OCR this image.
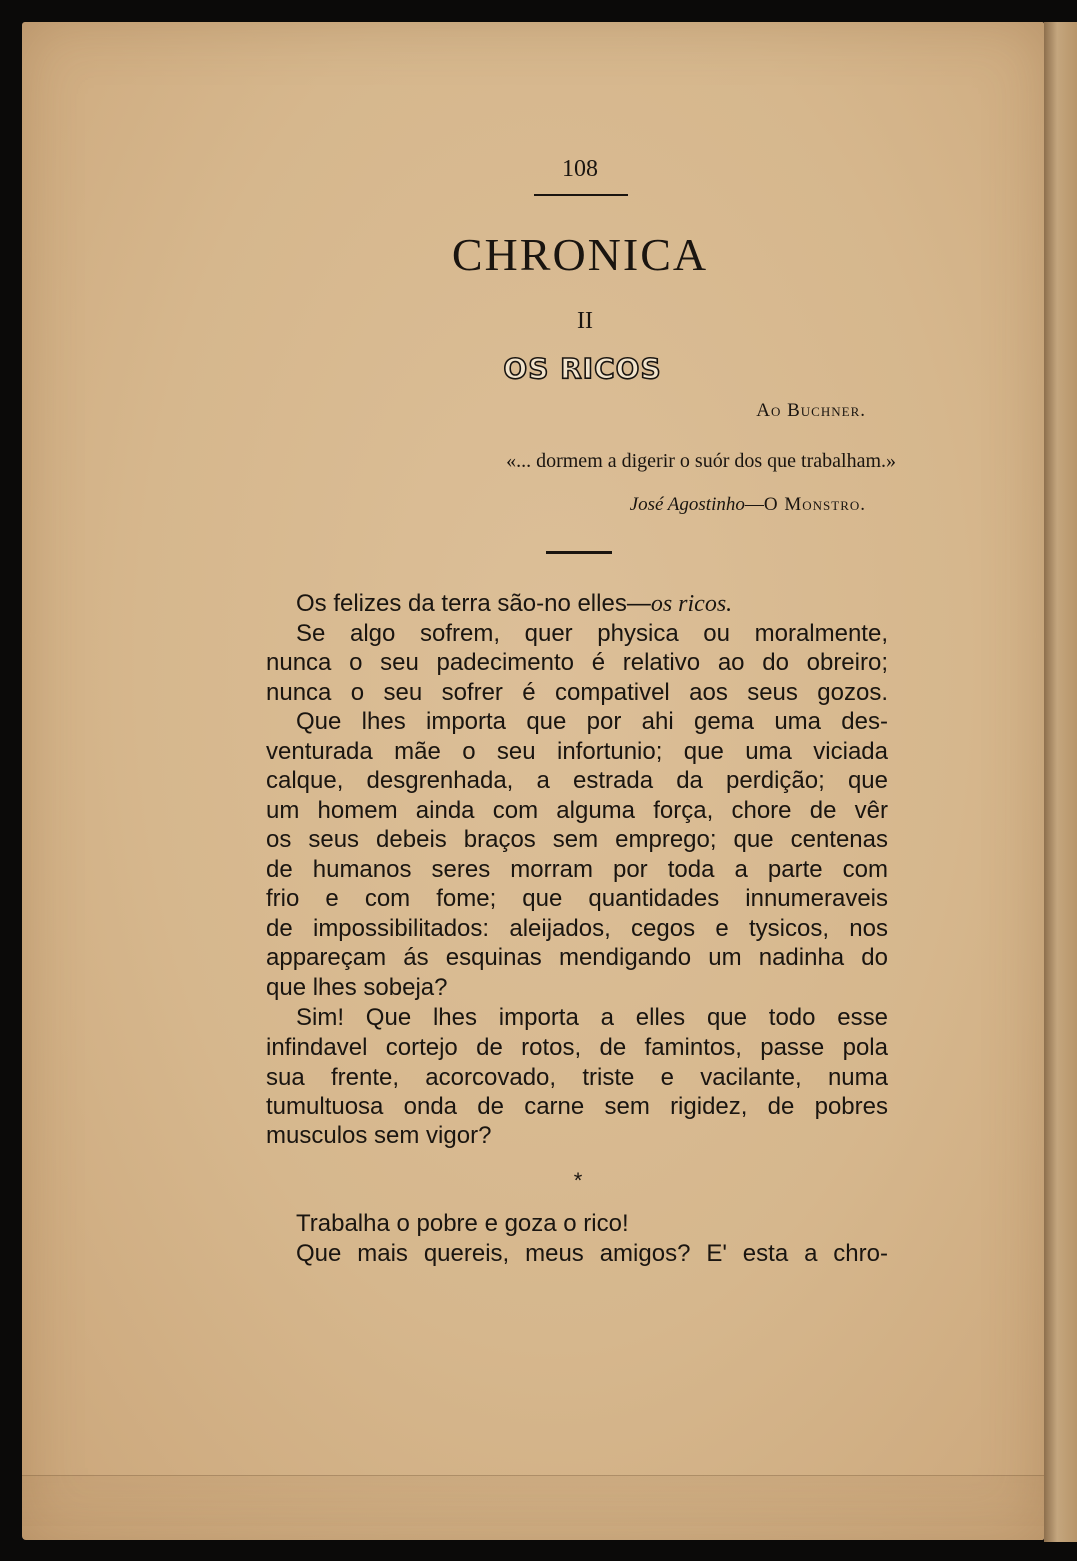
108
CHRONICA
II
OS RICOS
Ao Buchner.
«... dormem a digerir o suór dos que trabalham.»
José Agostinho—O Monstro.
Os felizes da terra são-no elles—os ricos.
Se algo sofrem, quer physica ou moralmente,
nunca o seu padecimento é relativo ao do obreiro;
nunca o seu sofrer é compativel aos seus gozos.
Que lhes importa que por ahi gema uma des-
venturada mãe o seu infortunio; que uma viciada
calque, desgrenhada, a estrada da perdição; que
um homem ainda com alguma força, chore de vêr
os seus debeis braços sem emprego; que centenas
de humanos seres morram por toda a parte com
frio e com fome; que quantidades innumeraveis
de impossibilitados: aleijados, cegos e tysicos, nos
appareçam ás esquinas mendigando um nadinha do
que lhes sobeja?
Sim! Que lhes importa a elles que todo esse
infindavel cortejo de rotos, de famintos, passe pola
sua frente, acorcovado, triste e vacilante, numa
tumultuosa onda de carne sem rigidez, de pobres
musculos sem vigor?
*
Trabalha o pobre e goza o rico!
Que mais quereis, meus amigos? E' esta a chro-
